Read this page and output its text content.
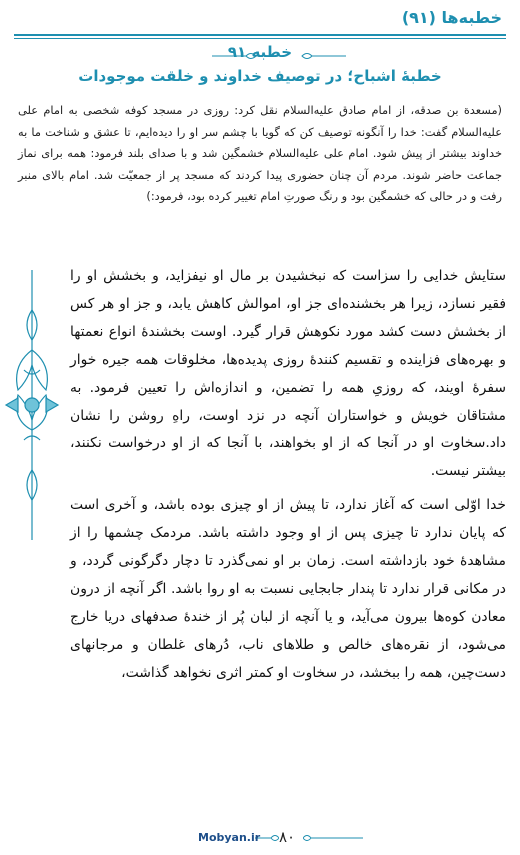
خطبه‌ها (۹۱)
خطبه ۹۱
خطبهٔ اشباح؛ در توصیف خداوند و خلقت موجودات
(مسعدة بن صدقه، از امام صادق علیه‌السلام نقل کرد: روزی در مسجد کوفه شخصی به امام علی علیه‌السلام گفت: خدا را آنگونه توصیف کن که گویا با چشم سر او را دیده‌ایم، تا عشق و شناخت ما به خداوند بیشتر از پیش شود. امام علی علیه‌السلام خشمگین شد و با صدای بلند فرمود: همه برای نماز جماعت حاضر شوند. مردم آن چنان حضوری پیدا کردند که مسجد پر از جمعیّت شد. امام بالای منبر رفت و در حالی که خشمگین بود و رنگ صورتِ امام تغییر کرده بود، فرمود:)

ستایش خدایی را سزاست که نبخشیدن بر مال او نیفزاید، و بخشش او را فقیر نسازد، زیرا هر بخشنده‌ای جز او، اموالش کاهش یابد، و جز او هر کس از بخشش دست کشد مورد نکوهش قرار گیرد. اوست بخشندهٔ انواع نعمتها و بهره‌های فزاینده و تقسیم کنندهٔ روزی پدیده‌ها، مخلوقات همه جیره خوار سفرهٔ اویند، که روزیِ همه را تضمین، و اندازه‌اش را تعیین فرمود. به مشتاقان خویش و خواستاران آنچه در نزد اوست، راهِ روشن را نشان داد.سخاوت او در آنجا که از او بخواهند، با آنجا که از او درخواست نکنند، بیشتر نیست.

خدا اوّلی است که آغاز ندارد، تا پیش از او چیزی بوده باشد، و آخری است که پایان ندارد تا چیزی پس از او وجود داشته باشد. مردمک چشمها را از مشاهدهٔ خود بازداشته است. زمان بر او نمی‌گذرد تا دچار دگرگونی گردد، و در مکانی قرار ندارد تا پندار جابجایی نسبت به او روا باشد. اگر آنچه از درون معادن کوه‌ها بیرون می‌آید، و یا آنچه از لبان پُر از خندهٔ صدفهای دریا خارج می‌شود، از نقره‌های خالص و طلاهای ناب، دُرهای غلطان و مرجانهای دست‌چین، همه را ببخشد، در سخاوت او کمتر اثری نخواهد گذاشت،

Mobyan.ir ۸۰
